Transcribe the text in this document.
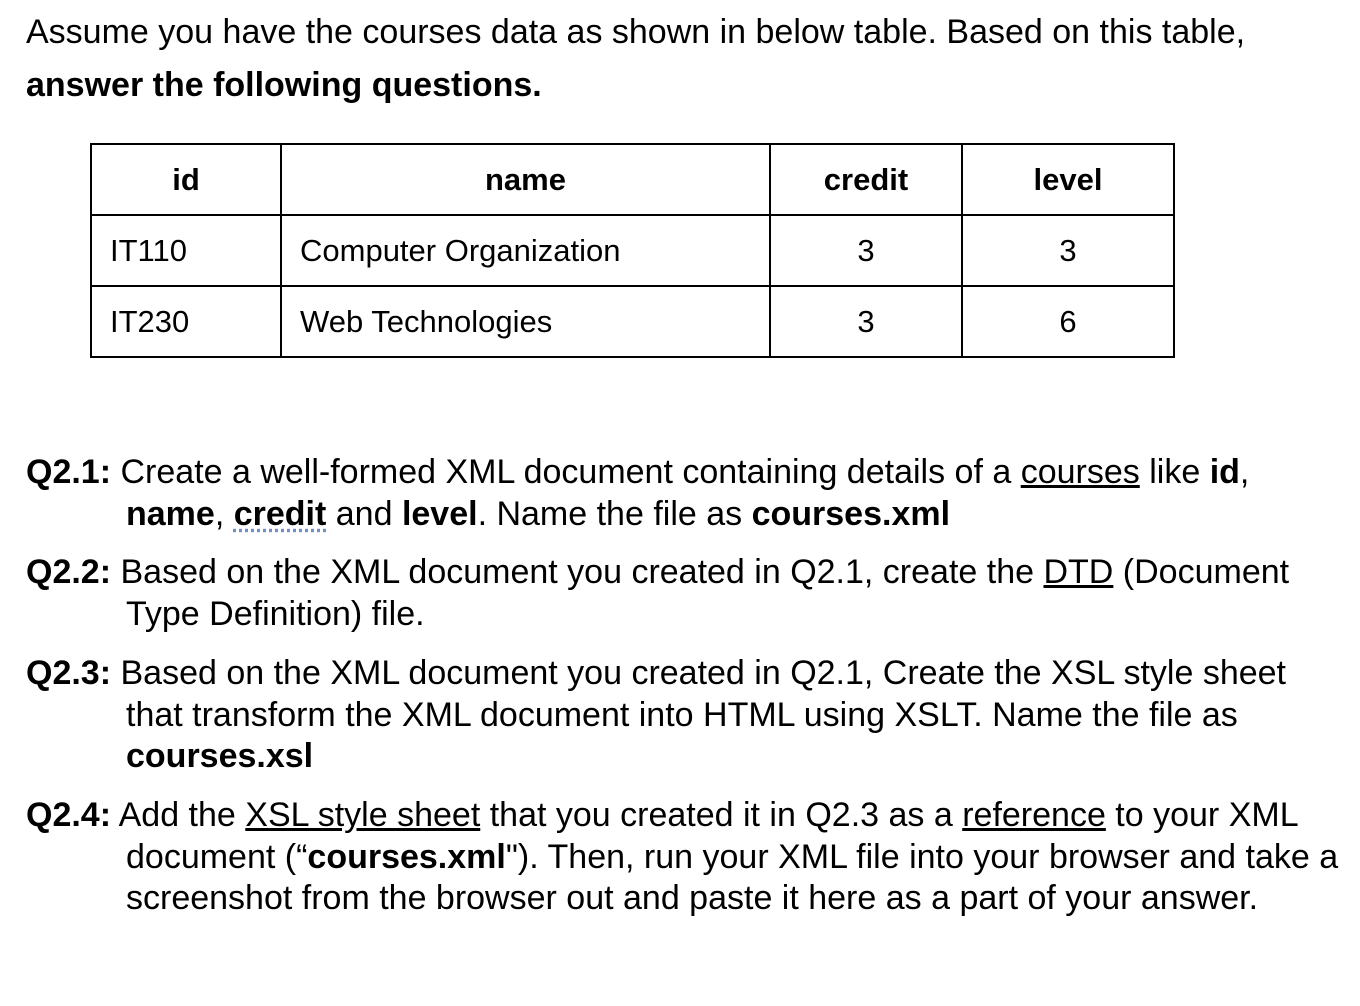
Assume you have the courses data as shown in below table. Based on this table, answer the following questions.

id	name	credit	level
IT110	Computer Organization	3	3
IT230	Web Technologies	3	6

Q2.1: Create a well-formed XML document containing details of a courses like id, name, credit and level. Name the file as courses.xml

Q2.2: Based on the XML document you created in Q2.1, create the DTD (Document Type Definition) file.

Q2.3: Based on the XML document you created in Q2.1, Create the XSL style sheet that transform the XML document into HTML using XSLT. Name the file as courses.xsl

Q2.4: Add the XSL style sheet that you created it in Q2.3 as a reference to your XML document (“courses.xml"). Then, run your XML file into your browser and take a screenshot from the browser out and paste it here as a part of your answer.
